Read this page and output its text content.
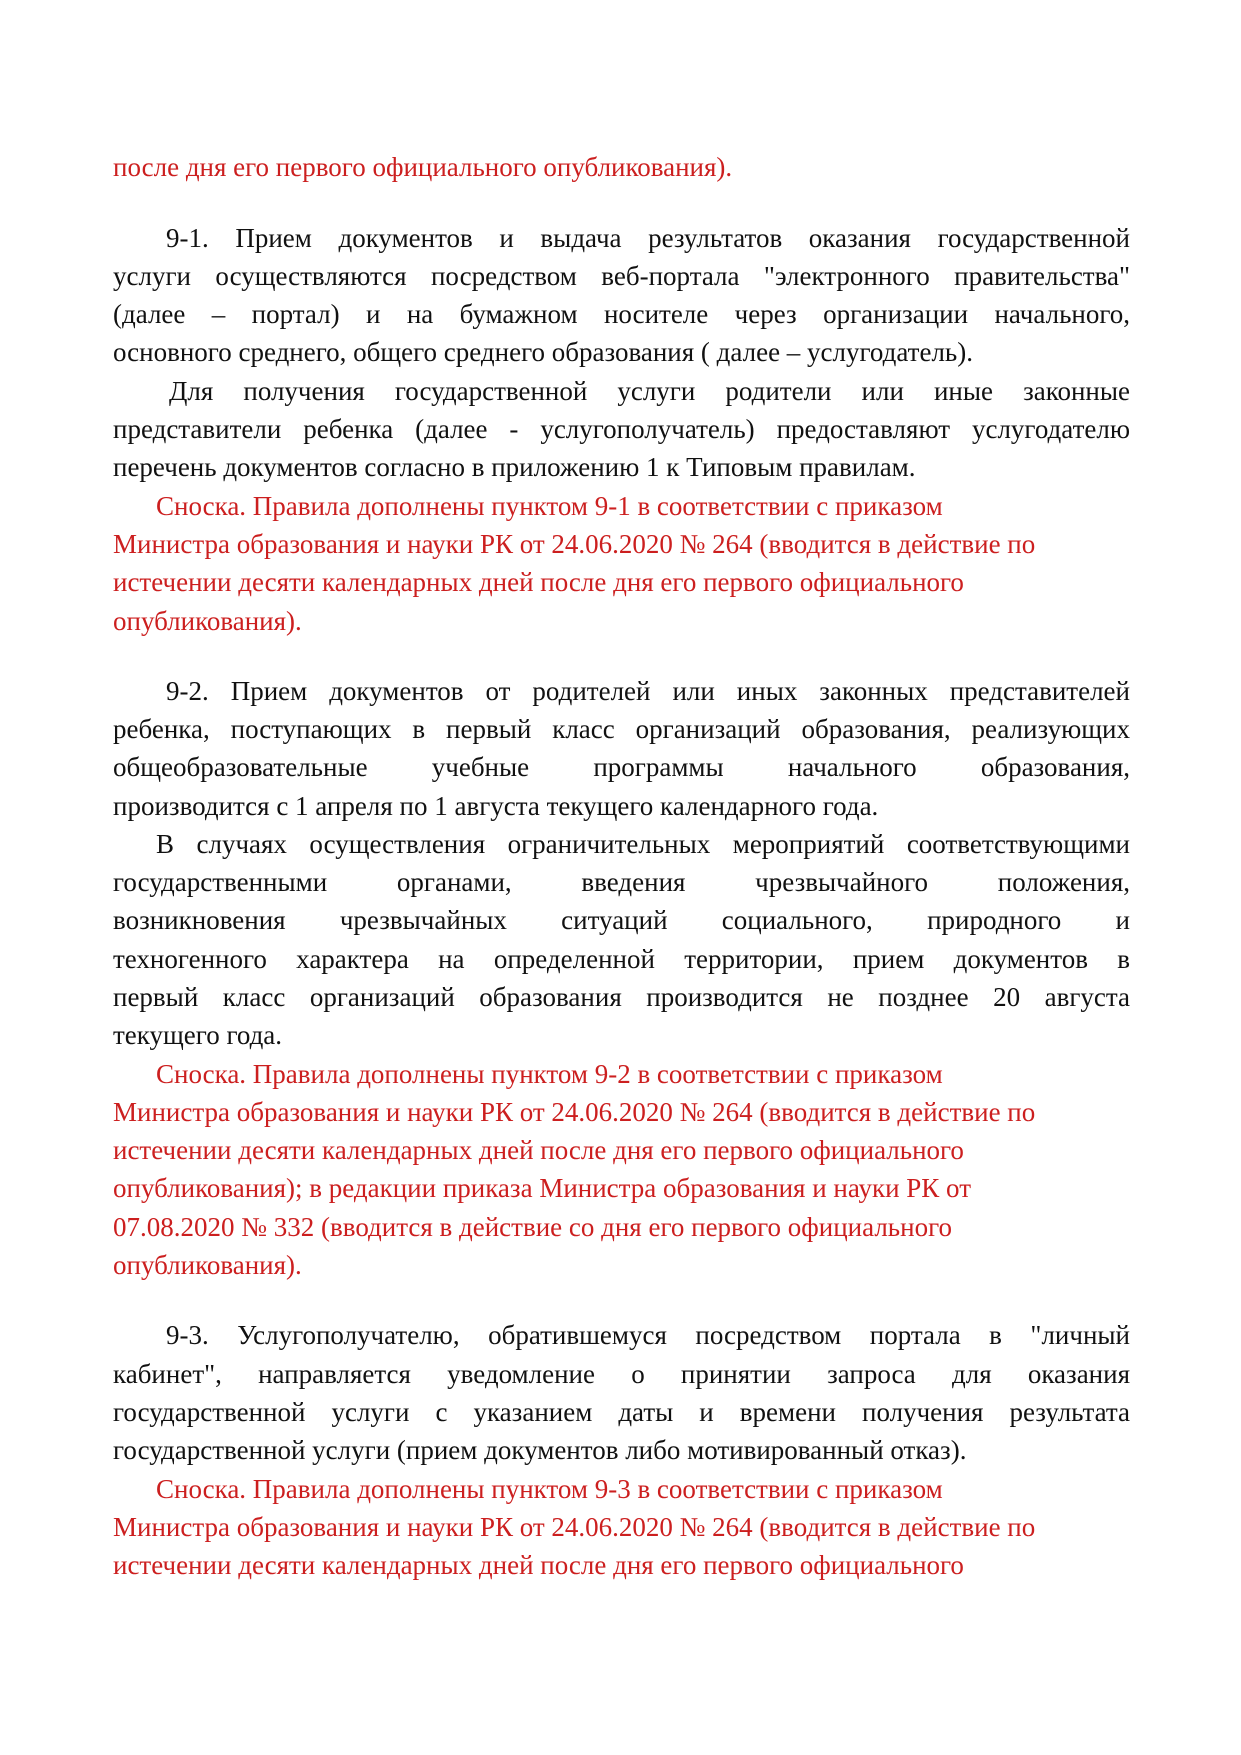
после дня его первого официального опубликования).

9-1. Прием документов и выдача результатов оказания государственной

услуги осуществляются посредством веб-портала "электронного правительства"

(далее – портал) и на бумажном носителе через организации начального,

основного среднего, общего среднего образования ( далее – услугодатель).

Для получения государственной услуги родители или иные законные

представители ребенка (далее - услугополучатель) предоставляют услугодателю

перечень документов согласно в приложению 1 к Типовым правилам.

Сноска. Правила дополнены пунктом 9-1 в соответствии с приказом

Министра образования и науки РК от 24.06.2020 № 264 (вводится в действие по

истечении десяти календарных дней после дня его первого официального

опубликования).

9-2. Прием документов от родителей или иных законных представителей

ребенка, поступающих в первый класс организаций образования, реализующих

общеобразовательные учебные программы начального образования,

производится с 1 апреля по 1 августа текущего календарного года.

В случаях осуществления ограничительных мероприятий соответствующими

государственными органами, введения чрезвычайного положения,

возникновения чрезвычайных ситуаций социального, природного и

техногенного характера на определенной территории, прием документов в

первый класс организаций образования производится не позднее 20 августа

текущего года.

Сноска. Правила дополнены пунктом 9-2 в соответствии с приказом

Министра образования и науки РК от 24.06.2020 № 264 (вводится в действие по

истечении десяти календарных дней после дня его первого официального

опубликования); в редакции приказа Министра образования и науки РК от

07.08.2020 № 332 (вводится в действие со дня его первого официального

опубликования).

9-3. Услугополучателю, обратившемуся посредством портала в "личный

кабинет", направляется уведомление о принятии запроса для оказания

государственной услуги с указанием даты и времени получения результата

государственной услуги (прием документов либо мотивированный отказ).

Сноска. Правила дополнены пунктом 9-3 в соответствии с приказом

Министра образования и науки РК от 24.06.2020 № 264 (вводится в действие по

истечении десяти календарных дней после дня его первого официального
